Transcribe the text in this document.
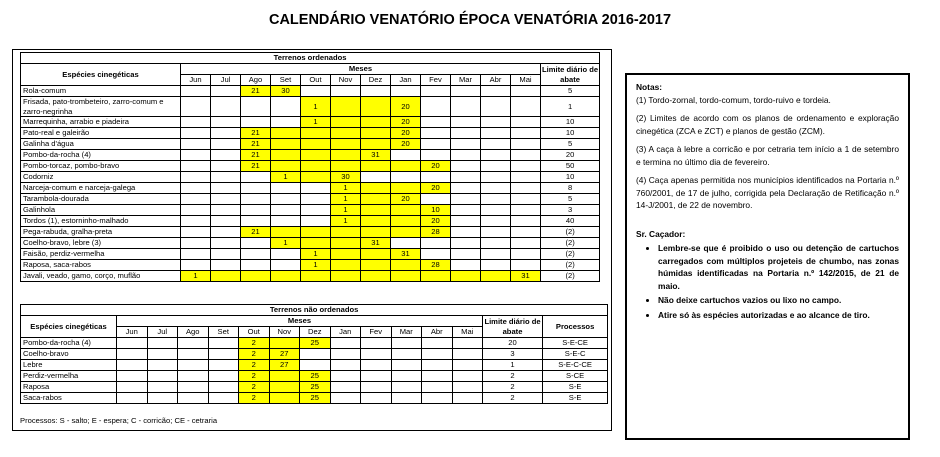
CALENDÁRIO VENATÓRIO ÉPOCA VENATÓRIA 2016-2017
Terrenos ordenados													
Espécies cinegéticas	Meses												Limite diário de abate
	Jun	Jul	Ago	Set	Out	Nov	Dez	Jan	Fev	Mar	Abr	Mai	
Rola-comum			21	30									5
Frisada, pato-trombeteiro, zarro-comum e zarro-negrinha					1			20					1
Marrequinha, arrabio e piadeira					1			20					10
Pato-real e galeirão			21					20					10
Galinha d'água			21					20					5
Pombo-da-rocha (4)			21				31						20
Pombo-torcaz, pombo-bravo			21						20				50
Codorniz				1		30							10
Narceja-comum e narceja-galega						1			20				8
Tarambola-dourada						1		20					5
Galinhola						1			10				3
Tordos (1), estorninho-malhado						1			20				40
Pega-rabuda, gralha-preta			21						28				(2)
Coelho-bravo, lebre (3)				1			31						(2)
Faisão, perdiz-vermelha					1			31					(2)
Raposa, saca-rabos					1				28				(2)
Javali, veado, gamo, corço, muflão	1											31	(2)
Terrenos não ordenados														
Espécies cinegéticas	Meses												Limite diário de abate	Processos
	Jun	Jul	Ago	Set	Out	Nov	Dez	Jan	Fev	Mar	Abr	Mai		
Pombo-da-rocha (4)					2		25						20	S-E-CE
Coelho-bravo					2	27							3	S-E-C
Lebre					2	27							1	S-E-C-CE
Perdiz-vermelha					2		25						2	S-CE
Raposa					2		25						2	S-E
Saca-rabos					2		25						2	S-E
Processos: S - salto; E - espera; C - corricão; CE - cetraria

Notas:

(1) Tordo-zornal, tordo-comum, tordo-ruivo e tordeia.

(2) Limites de acordo com os planos de ordenamento e exploração cinegética (ZCA e ZCT) e planos de gestão (ZCM).

(3) A caça à lebre a corricão e por cetraria tem início a 1 de setembro e termina no último dia de fevereiro.

(4) Caça apenas permitida nos municípios identificados na Portaria n.º 760/2001, de 17 de julho, corrigida pela Declaração de Retificação n.º 14-J/2001, de 22 de novembro.

Sr. Caçador:

• Lembre-se que é proibido o uso ou detenção de cartuchos carregados com múltiplos projeteis de chumbo, nas zonas húmidas identificadas na Portaria n.º 142/2015, de 21 de maio.
• Não deixe cartuchos vazios ou lixo no campo.
• Atire só às espécies autorizadas e ao alcance de tiro.
